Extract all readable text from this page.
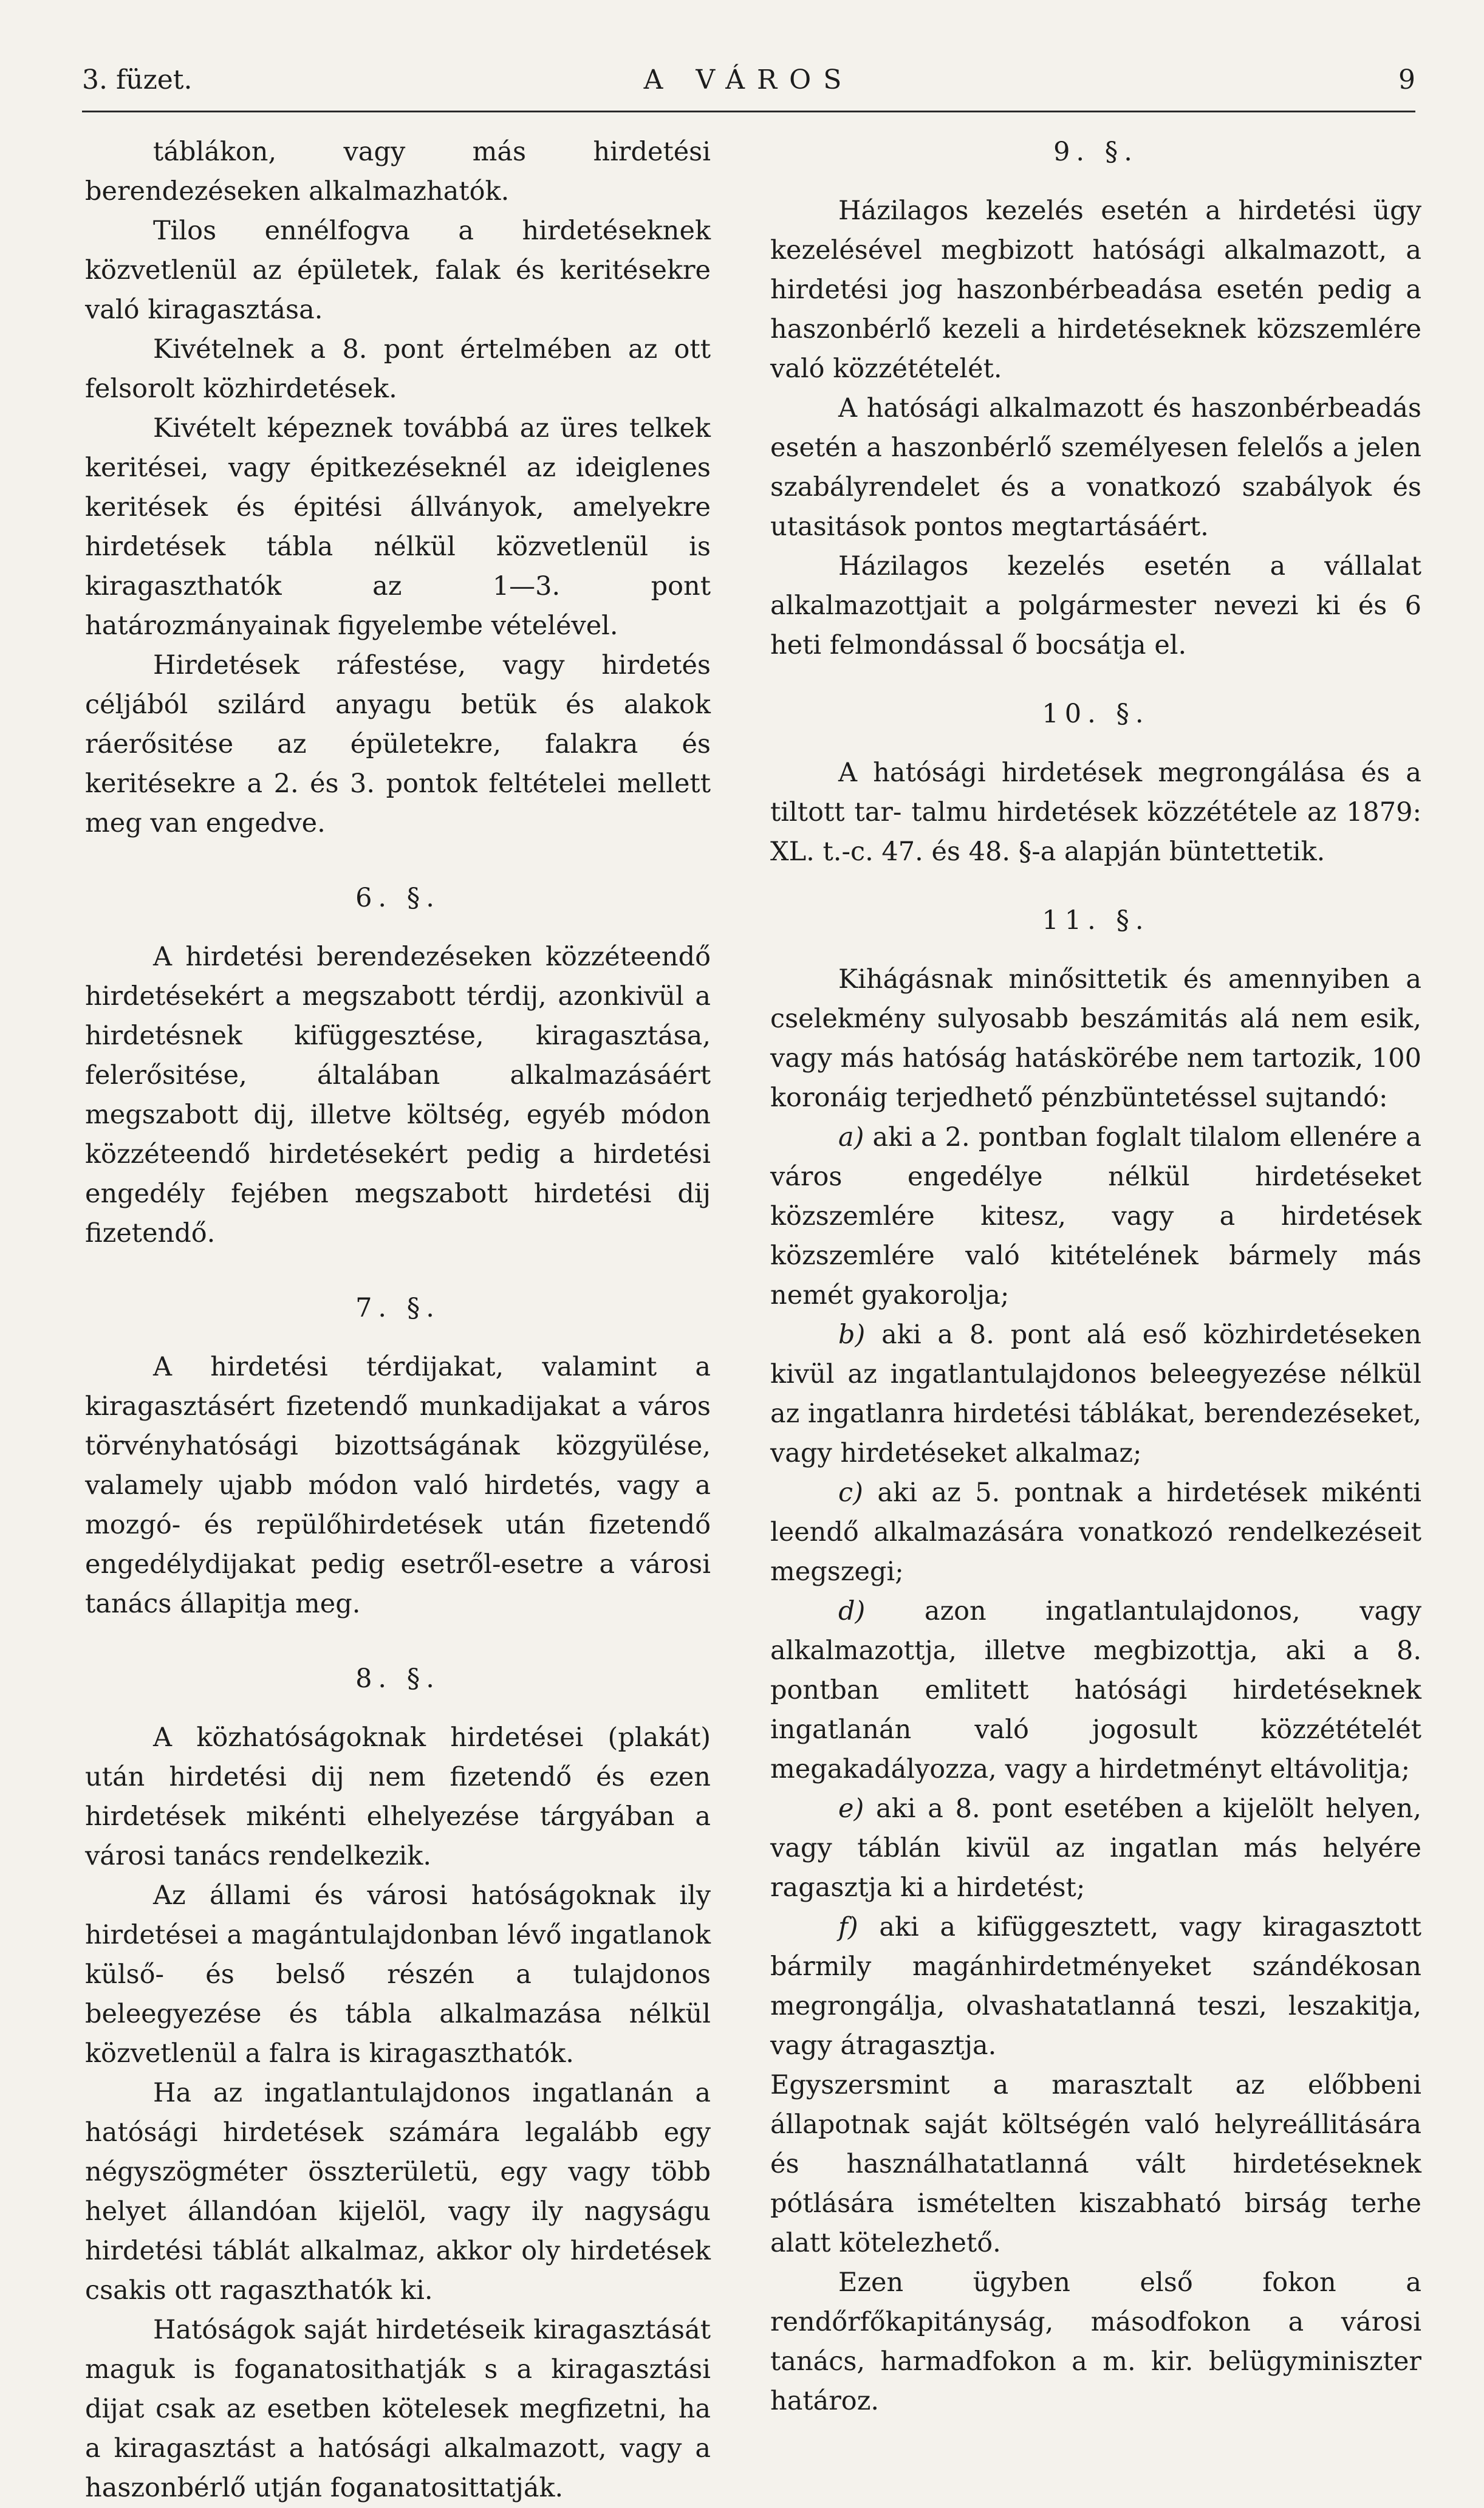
3. füzet.	A VÁROS	9

táblákon, vagy más hirdetési berendezéseken alkalmazhatók.

Tilos ennélfogva a hirdetéseknek közvetlenül az épületek, falak és keritésekre való kiragasztása.

Kivételnek a 8. pont értelmében az ott felsorolt közhirdetések.

Kivételt képeznek továbbá az üres telkek keritései, vagy épitkezéseknél az ideiglenes keritések és épitési állványok, amelyekre hirdetések tábla nélkül közvetlenül is kiragaszthatók az 1—3. pont határozmányainak figyelembe vételével.

Hirdetések ráfestése, vagy hirdetés céljából szilárd anyagu betük és alakok ráerősitése az épületekre, falakra és keritésekre a 2. és 3. pontok feltételei mellett meg van engedve.

6. §.

A hirdetési berendezéseken közzéteendő hirdetésekért a megszabott térdij, azonkivül a hirdetésnek kifüggesztése, kiragasztása, felerősitése, általában alkalmazásáért megszabott dij, illetve költség, egyéb módon közzéteendő hirdetésekért pedig a hirdetési engedély fejében megszabott hirdetési dij fizetendő.

7. §.

A hirdetési térdijakat, valamint a kiragasztásért fizetendő munkadijakat a város törvényhatósági bizottságának közgyülése, valamely ujabb módon való hirdetés, vagy a mozgó- és repülőhirdetések után fizetendő engedélydijakat pedig esetről-esetre a városi tanács állapitja meg.

8. §.

A közhatóságoknak hirdetései (plakát) után hirdetési dij nem fizetendő és ezen hirdetések mikénti elhelyezése tárgyában a városi tanács rendelkezik.

Az állami és városi hatóságoknak ily hirdetései a magántulajdonban lévő ingatlanok külső- és belső részén a tulajdonos beleegyezése és tábla alkalmazása nélkül közvetlenül a falra is kiragaszthatók.

Ha az ingatlantulajdonos ingatlanán a hatósági hirdetések számára legalább egy négyszögméter összterületü, egy vagy több helyet állandóan kijelöl, vagy ily nagyságu hirdetési táblát alkalmaz, akkor oly hirdetések csakis ott ragaszthatók ki.

Hatóságok saját hirdetéseik kiragasztását maguk is foganatosithatják s a kiragasztási dijat csak az esetben kötelesek megfizetni, ha a kiragasztást a hatósági alkalmazott, vagy a haszonbérlő utján foganatosittatják.

9. §.

Házilagos kezelés esetén a hirdetési ügy kezelésével megbizott hatósági alkalmazott, a hirdetési jog haszonbérbeadása esetén pedig a haszonbérlő kezeli a hirdetéseknek közszemlére való közzétételét.

A hatósági alkalmazott és haszonbérbeadás esetén a haszonbérlő személyesen felelős a jelen szabályrendelet és a vonatkozó szabályok és utasitások pontos megtartásáért.

Házilagos kezelés esetén a vállalat alkalmazottjait a polgármester nevezi ki és 6 heti felmondással ő bocsátja el.

10. §.

A hatósági hirdetések megrongálása és a tiltott tar- talmu hirdetések közzététele az 1879: XL. t.-c. 47. és 48. §-a alapján büntettetik.

11. §.

Kihágásnak minősittetik és amennyiben a cselekmény sulyosabb beszámitás alá nem esik, vagy más hatóság hatáskörébe nem tartozik, 100 koronáig terjedhető pénzbüntetéssel sujtandó:

a) aki a 2. pontban foglalt tilalom ellenére a város engedélye nélkül hirdetéseket közszemlére kitesz, vagy a hirdetések közszemlére való kitételének bármely más nemét gyakorolja;

b) aki a 8. pont alá eső közhirdetéseken kivül az ingatlantulajdonos beleegyezése nélkül az ingatlanra hirdetési táblákat, berendezéseket, vagy hirdetéseket alkalmaz;

c) aki az 5. pontnak a hirdetések mikénti leendő alkalmazására vonatkozó rendelkezéseit megszegi;

d) azon ingatlantulajdonos, vagy alkalmazottja, illetve megbizottja, aki a 8. pontban emlitett hatósági hirdetéseknek ingatlanán való jogosult közzétételét megakadályozza, vagy a hirdetményt eltávolitja;

e) aki a 8. pont esetében a kijelölt helyen, vagy táblán kivül az ingatlan más helyére ragasztja ki a hirdetést;

f) aki a kifüggesztett, vagy kiragasztott bármily magánhirdetményeket szándékosan megrongálja, olvashatatlanná teszi, leszakitja, vagy átragasztja.

Egyszersmint a marasztalt az előbbeni állapotnak saját költségén való helyreállitására és használhatatlanná vált hirdetéseknek pótlására ismételten kiszabható birság terhe alatt kötelezhető.

Ezen ügyben első fokon a rendőrfőkapitányság, másodfokon a városi tanács, harmadfokon a m. kir. belügyminiszter határoz.
